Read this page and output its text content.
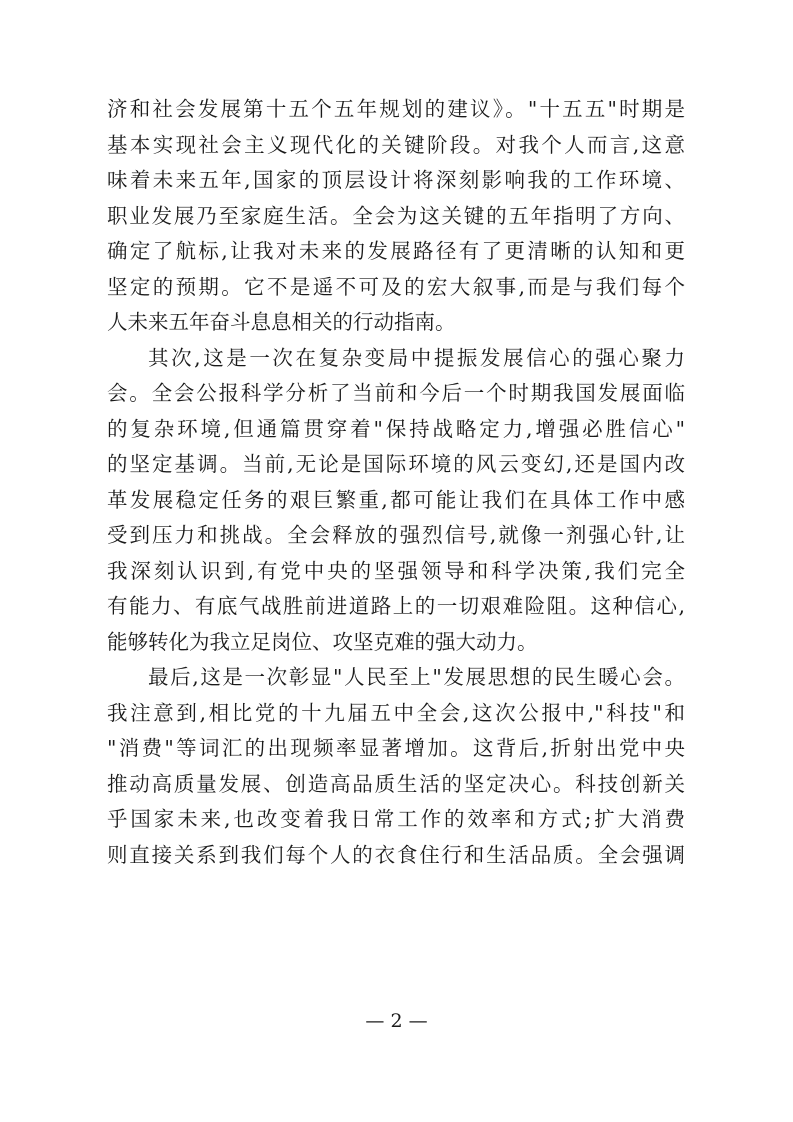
济和社会发展第十五个五年规划的建议》。"十五五"时期是
基本实现社会主义现代化的关键阶段。对我个人而言,这意
味着未来五年,国家的顶层设计将深刻影响我的工作环境、
职业发展乃至家庭生活。全会为这关键的五年指明了方向、
确定了航标,让我对未来的发展路径有了更清晰的认知和更
坚定的预期。它不是遥不可及的宏大叙事,而是与我们每个
人未来五年奋斗息息相关的行动指南。
其次,这是一次在复杂变局中提振发展信心的强心聚力
会。全会公报科学分析了当前和今后一个时期我国发展面临
的复杂环境,但通篇贯穿着"保持战略定力,增强必胜信心"
的坚定基调。当前,无论是国际环境的风云变幻,还是国内改
革发展稳定任务的艰巨繁重,都可能让我们在具体工作中感
受到压力和挑战。全会释放的强烈信号,就像一剂强心针,让
我深刻认识到,有党中央的坚强领导和科学决策,我们完全
有能力、有底气战胜前进道路上的一切艰难险阻。这种信心,
能够转化为我立足岗位、攻坚克难的强大动力。
最后,这是一次彰显"人民至上"发展思想的民生暖心会。
我注意到,相比党的十九届五中全会,这次公报中,"科技"和
"消费"等词汇的出现频率显著增加。这背后,折射出党中央
推动高质量发展、创造高品质生活的坚定决心。科技创新关
乎国家未来,也改变着我日常工作的效率和方式;扩大消费
则直接关系到我们每个人的衣食住行和生活品质。全会强调
— 2 —
